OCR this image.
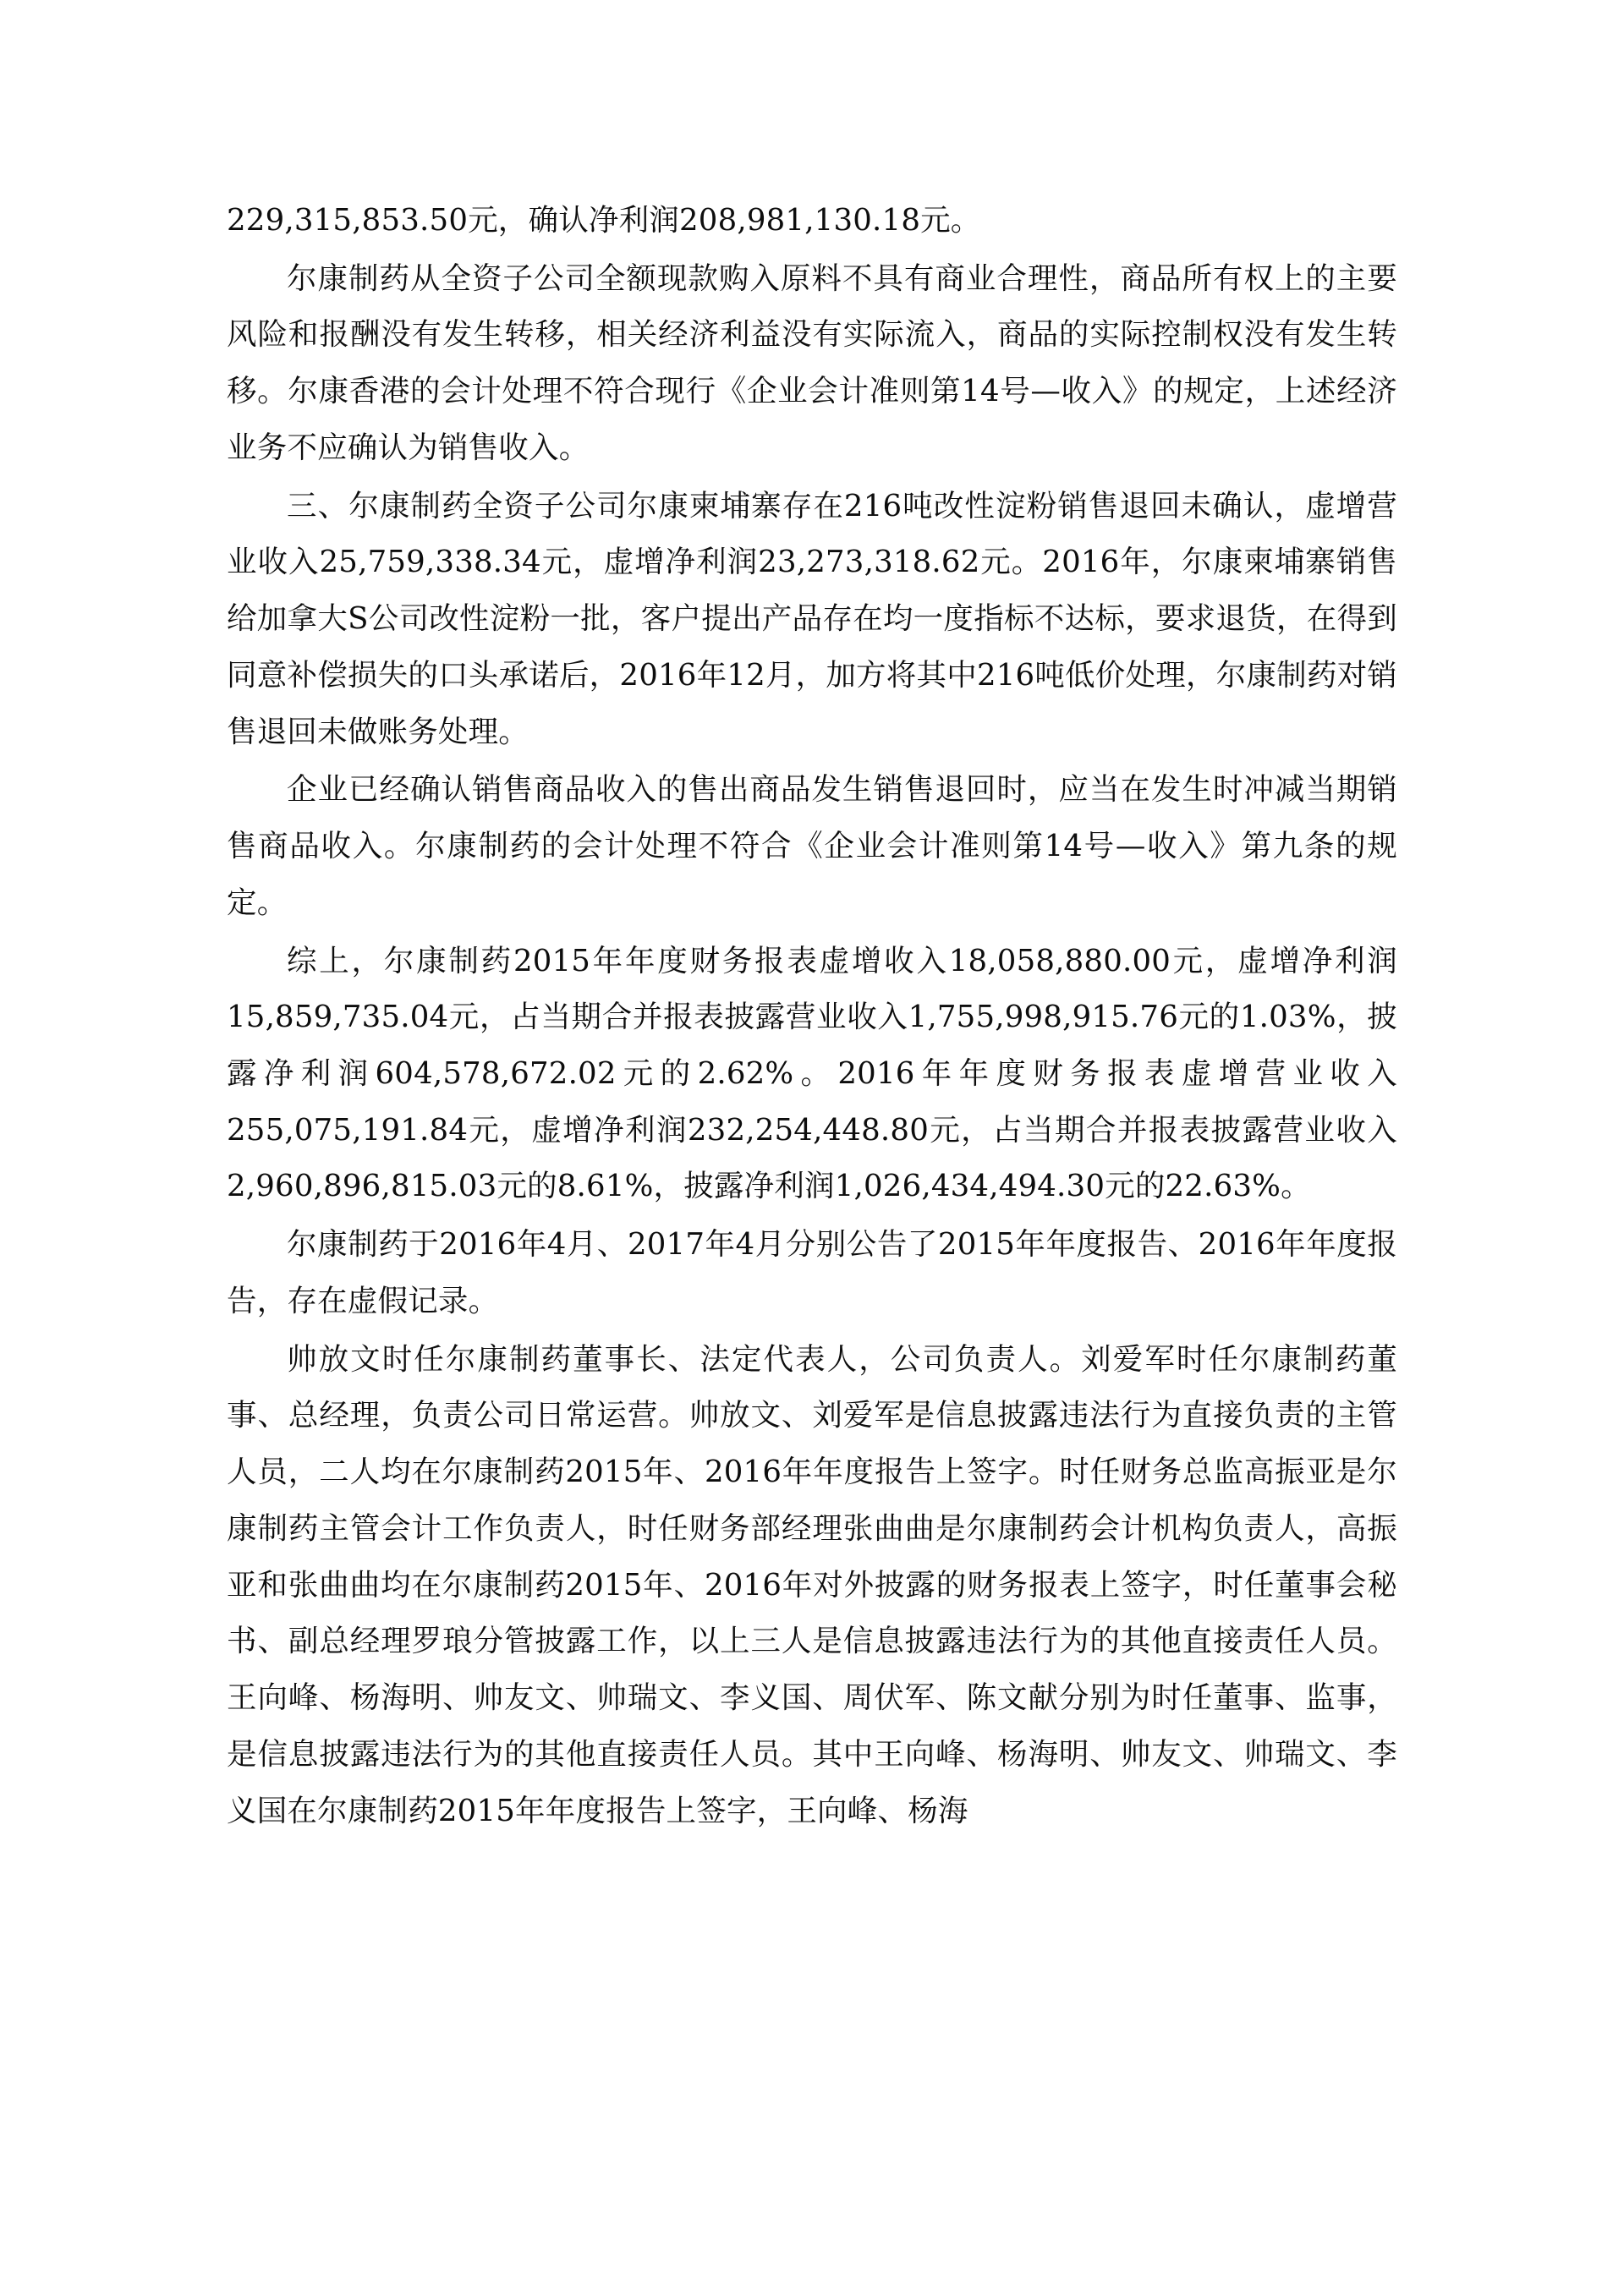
229,315,853.50元，确认净利润208,981,130.18元。

尔康制药从全资子公司全额现款购入原料不具有商业合理性，商品所有权上的主要风险和报酬没有发生转移，相关经济利益没有实际流入，商品的实际控制权没有发生转移。尔康香港的会计处理不符合现行《企业会计准则第14号—收入》的规定，上述经济业务不应确认为销售收入。

三、尔康制药全资子公司尔康柬埔寨存在216吨改性淀粉销售退回未确认，虚增营业收入25,759,338.34元，虚增净利润23,273,318.62元。2016年，尔康柬埔寨销售给加拿大S公司改性淀粉一批，客户提出产品存在均一度指标不达标，要求退货，在得到同意补偿损失的口头承诺后，2016年12月，加方将其中216吨低价处理，尔康制药对销售退回未做账务处理。

企业已经确认销售商品收入的售出商品发生销售退回时，应当在发生时冲减当期销售商品收入。尔康制药的会计处理不符合《企业会计准则第14号—收入》第九条的规定。

综上，尔康制药2015年年度财务报表虚增收入18,058,880.00元，虚增净利润15,859,735.04元，占当期合并报表披露营业收入1,755,998,915.76元的1.03%，披露净利润604,578,672.02元的2.62%。2016年年度财务报表虚增营业收入255,075,191.84元，虚增净利润232,254,448.80元，占当期合并报表披露营业收入2,960,896,815.03元的8.61%，披露净利润1,026,434,494.30元的22.63%。

尔康制药于2016年4月、2017年4月分别公告了2015年年度报告、2016年年度报告，存在虚假记录。

帅放文时任尔康制药董事长、法定代表人，公司负责人。刘爱军时任尔康制药董事、总经理，负责公司日常运营。帅放文、刘爱军是信息披露违法行为直接负责的主管人员，二人均在尔康制药2015年、2016年年度报告上签字。时任财务总监高振亚是尔康制药主管会计工作负责人，时任财务部经理张曲曲是尔康制药会计机构负责人，高振亚和张曲曲均在尔康制药2015年、2016年对外披露的财务报表上签字，时任董事会秘书、副总经理罗琅分管披露工作，以上三人是信息披露违法行为的其他直接责任人员。王向峰、杨海明、帅友文、帅瑞文、李义国、周伏军、陈文献分别为时任董事、监事，是信息披露违法行为的其他直接责任人员。其中王向峰、杨海明、帅友文、帅瑞文、李义国在尔康制药2015年年度报告上签字，王向峰、杨海
